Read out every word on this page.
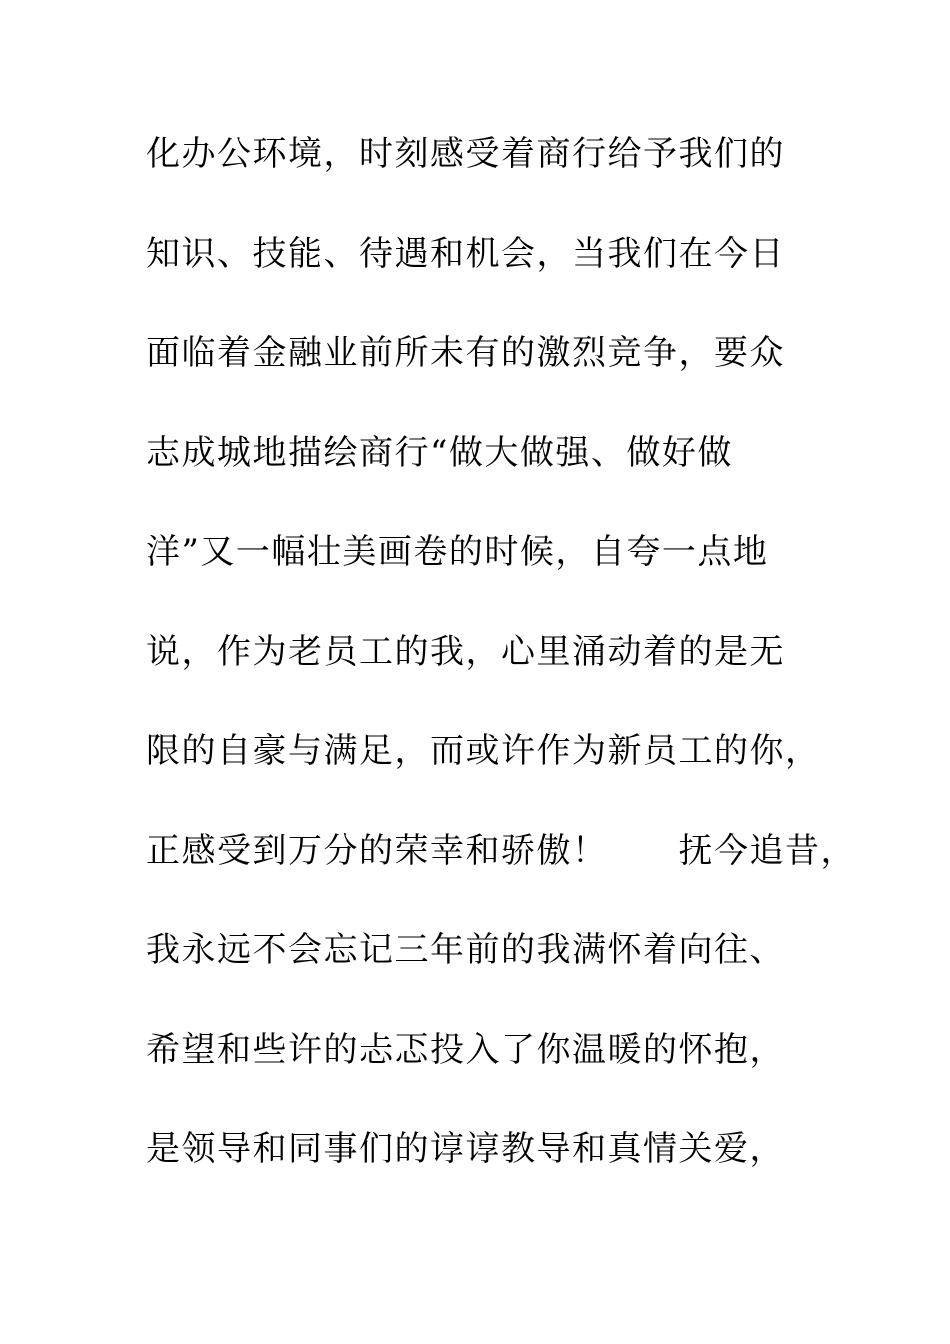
化办公环境，时刻感受着商行给予我们的
知识、技能、待遇和机会，当我们在今日
面临着金融业前所未有的激烈竞争，要众
志成城地描绘商行“做大做强、做好做
洋”又一幅壮美画卷的时候，自夸一点地
说，作为老员工的我，心里涌动着的是无
限的自豪与满足，而或许作为新员工的你，
正感受到万分的荣幸和骄傲！　　抚今追昔，
我永远不会忘记三年前的我满怀着向往、
希望和些许的忐忑投入了你温暖的怀抱，
是领导和同事们的谆谆教导和真情关爱，
